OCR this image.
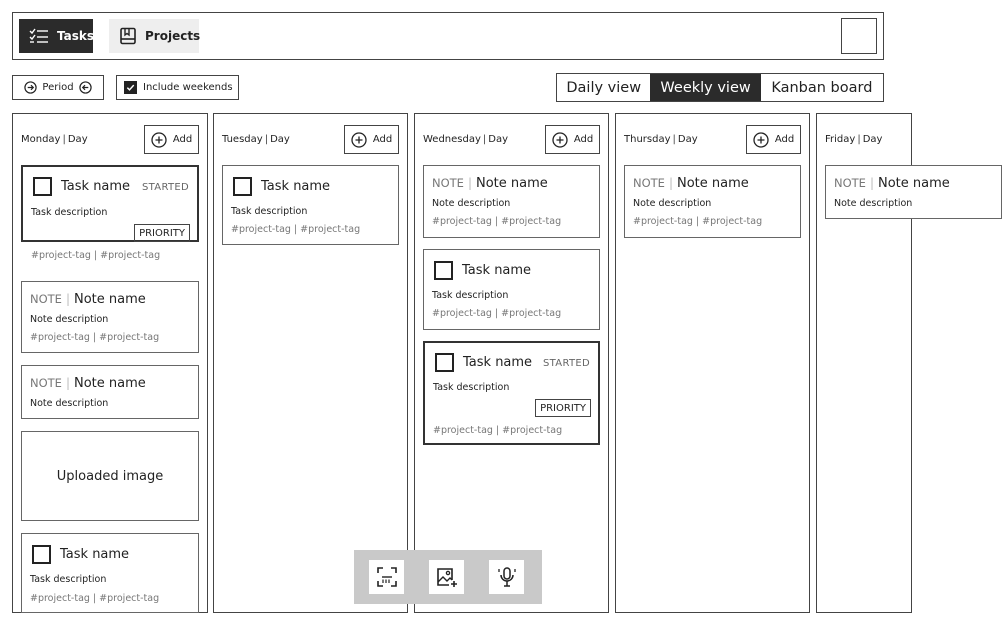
Tasks	Projects
Period	Include weekends	Daily view	Weekly view	Kanban board
Monday | Day	Add
Task name STARTED
Task description
PRIORITY
#project-tag | #project-tag
NOTE | Note name
Note description
#project-tag | #project-tag
NOTE | Note name
Note description
Uploaded image
Task name
Task description
#project-tag | #project-tag
Tuesday | Day	Add
Task name
Task description
#project-tag | #project-tag
Wednesday | Day	Add
NOTE | Note name
Note description
#project-tag | #project-tag
Task name
Task description
#project-tag | #project-tag
Task name STARTED
Task description
PRIORITY
#project-tag | #project-tag
Thursday | Day	Add
NOTE | Note name
Note description
#project-tag | #project-tag
Friday | Day
NOTE | Note name
Note description
